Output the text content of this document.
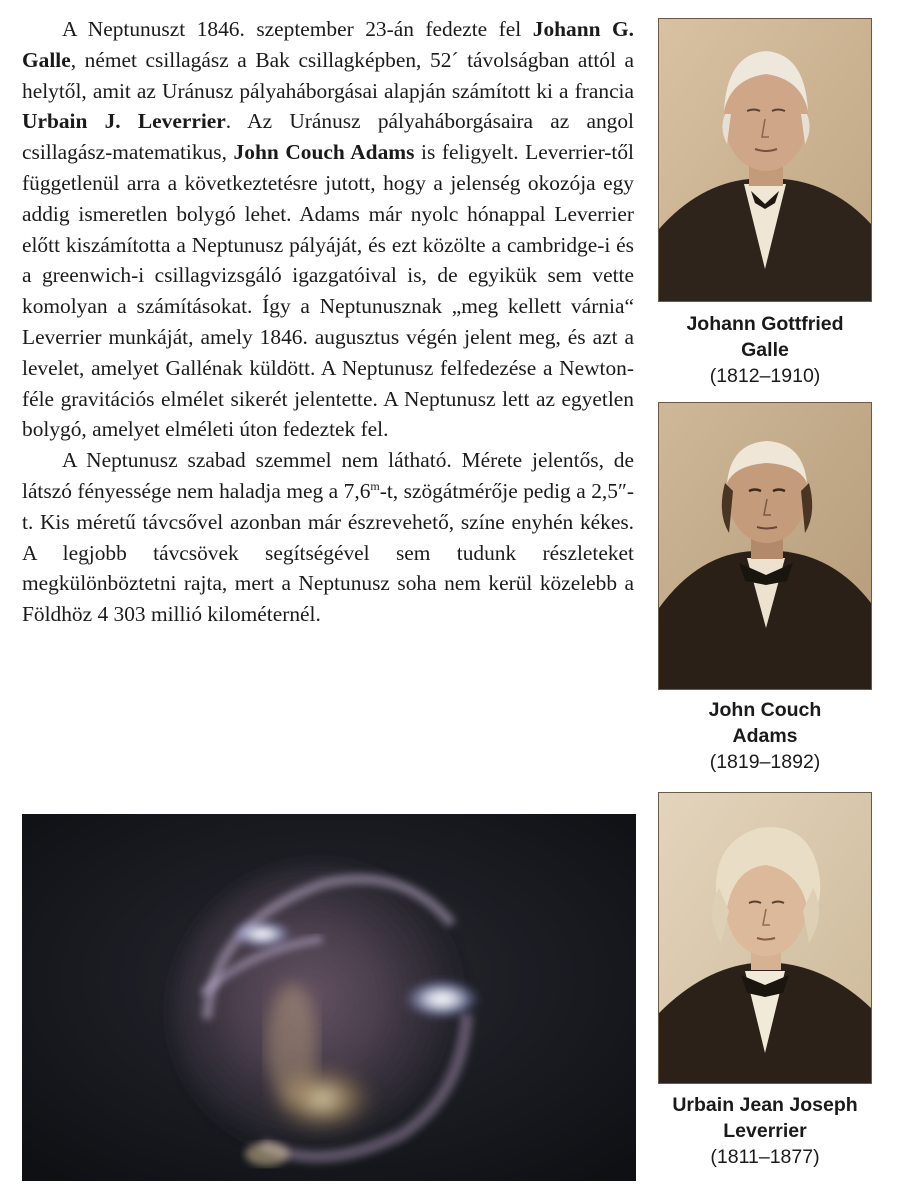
A Neptunuszt 1846. szeptember 23-án fedezte fel Johann G. Galle, német csillagász a Bak csillagképben, 52´ távolságban attól a helytől, amit az Uránusz pályaháborgásai alapján számított ki a francia Urbain J. Leverrier. Az Uránusz pályaháborgásaira az angol csillagász-matematikus, John Couch Adams is feligyelt. Leverrier-től függetlenül arra a következtetésre jutott, hogy a jelenség okozója egy addig ismeretlen bolygó lehet. Adams már nyolc hónappal Leverrier előtt kiszámította a Neptunusz pályáját, és ezt közölte a cambridge-i és a greenwich-i csillagvizsgáló igazgatóival is, de egyikük sem vette komolyan a számításokat. Így a Neptunusznak „meg kellett várnia“ Leverrier munkáját, amely 1846. augusztus végén jelent meg, és azt a levelet, amelyet Gallénak küldött. A Neptunusz felfedezése a Newton-féle gravitációs elmélet sikerét jelentette. A Neptunusz lett az egyetlen bolygó, amelyet elméleti úton fedeztek fel.

A Neptunusz szabad szemmel nem látható. Mérete jelentős, de látszó fényessége nem haladja meg a 7,6$^m$-t, szögátmérője pedig a 2,5″-t. Kis méretű távcsővel azonban már észrevehető, színe enyhén kékes. A legjobb távcsövek segítségével sem tudunk részleteket megkülönböztetni rajta, mert a Neptunusz soha nem kerül közelebb a Földhöz 4 303 millió kilométernél.

Johann Gottfried
Galle
(1812–1910)
John Couch
Adams
(1819–1892)
Urbain Jean Joseph
Leverrier
(1811–1877)
